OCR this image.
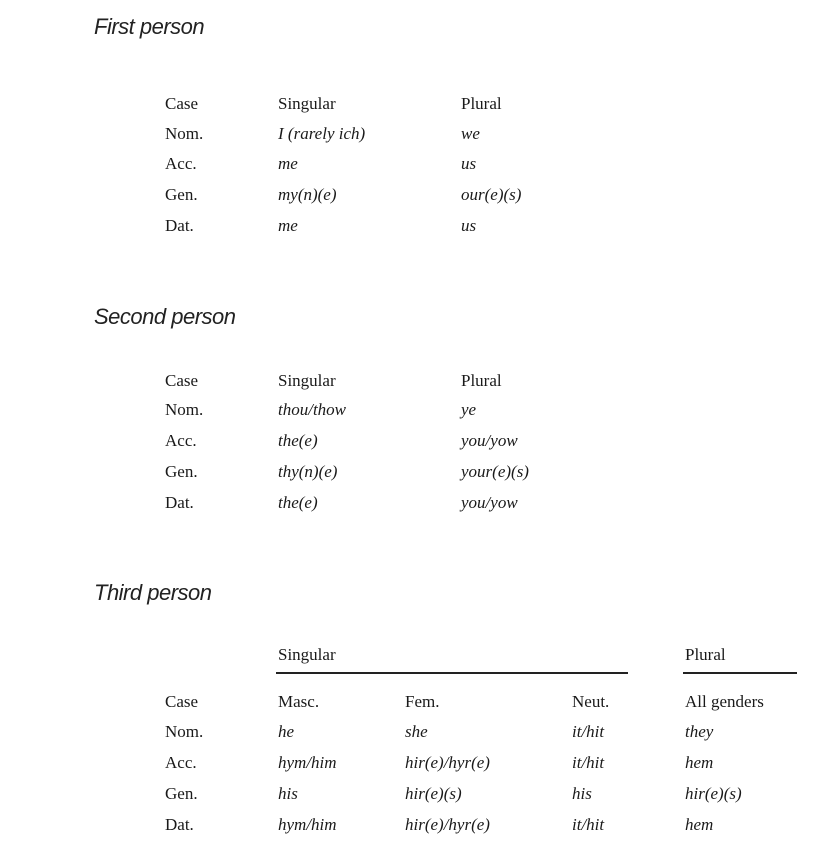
First person
Case	Singular	Plural
Nom.	I (rarely ich)	we
Acc.	me	us
Gen.	my(n)(e)	our(e)(s)
Dat.	me	us
Second person
Case	Singular	Plural
Nom.	thou/thow	ye
Acc.	the(e)	you/yow
Gen.	thy(n)(e)	your(e)(s)
Dat.	the(e)	you/yow
Third person
Singular	Plural
Case	Masc.	Fem.	Neut.	All genders
Nom.	he	she	it/hit	they
Acc.	hym/him	hir(e)/hyr(e)	it/hit	hem
Gen.	his	hir(e)(s)	his	hir(e)(s)
Dat.	hym/him	hir(e)/hyr(e)	it/hit	hem
